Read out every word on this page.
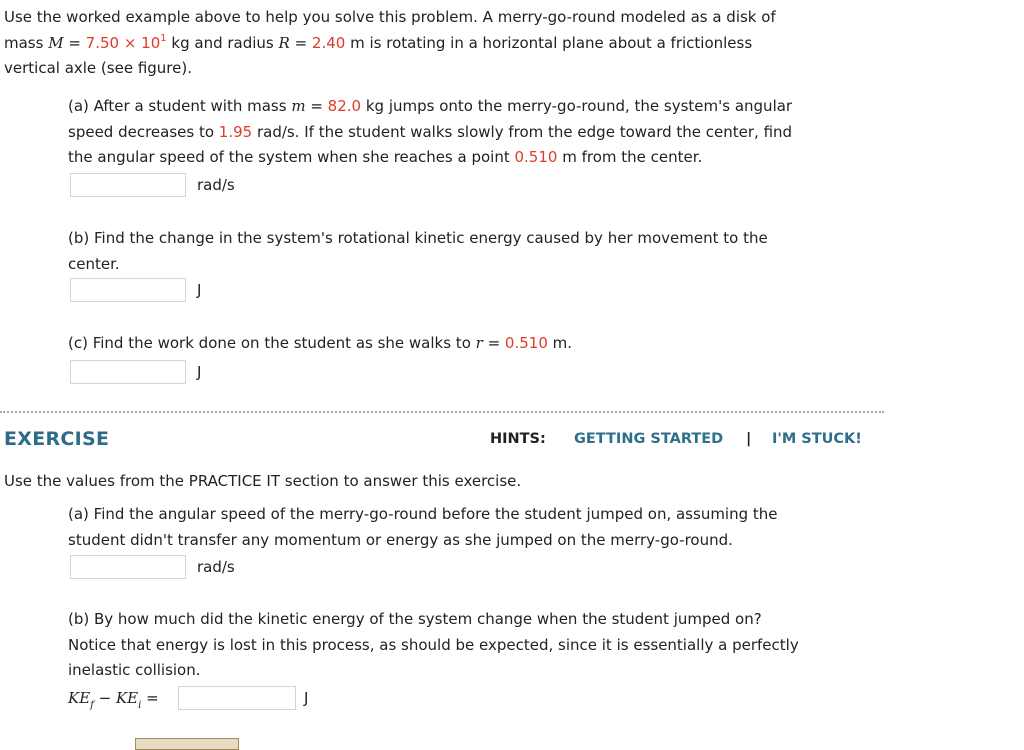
Use the worked example above to help you solve this problem. A merry-go-round modeled as a disk of
mass $M = 7.50 \times 10^1$ kg and radius R = 2.40 m is rotating in a horizontal plane about a frictionless
vertical axle (see figure).
(a) After a student with mass m = 82.0 kg jumps onto the merry-go-round, the system's angular
speed decreases to 1.95 rad/s. If the student walks slowly from the edge toward the center, find
the angular speed of the system when she reaches a point 0.510 m from the center.
rad/s
(b) Find the change in the system's rotational kinetic energy caused by her movement to the
center.
J
(c) Find the work done on the student as she walks to r = 0.510 m.
J
EXERCISE	HINTS: GETTING STARTED | I'M STUCK!
Use the values from the PRACTICE IT section to answer this exercise.
(a) Find the angular speed of the merry-go-round before the student jumped on, assuming the
student didn't transfer any momentum or energy as she jumped on the merry-go-round.
rad/s
(b) By how much did the kinetic energy of the system change when the student jumped on?
Notice that energy is lost in this process, as should be expected, since it is essentially a perfectly
inelastic collision.
$KE_f - KE_i$ =	J
